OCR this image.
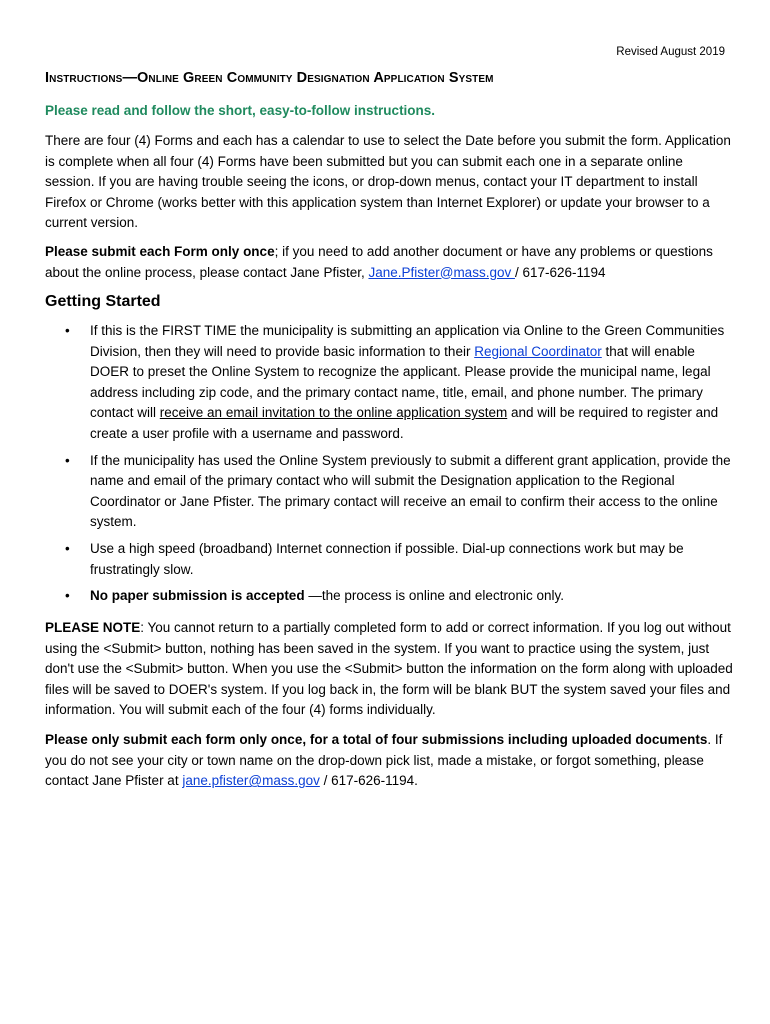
Revised August 2019
Instructions—Online Green Community Designation Application System
Please read and follow the short, easy-to-follow instructions.
There are four (4) Forms and each has a calendar to use to select the Date before you submit the form. Application is complete when all four (4) Forms have been submitted but you can submit each one in a separate online session. If you are having trouble seeing the icons, or drop-down menus, contact your IT department to install Firefox or Chrome (works better with this application system than Internet Explorer) or update your browser to a current version.
Please submit each Form only once; if you need to add another document or have any problems or questions about the online process, please contact Jane Pfister, Jane.Pfister@mass.gov / 617-626-1194
Getting Started
• If this is the FIRST TIME the municipality is submitting an application via Online to the Green Communities Division, then they will need to provide basic information to their Regional Coordinator that will enable DOER to preset the Online System to recognize the applicant. Please provide the municipal name, legal address including zip code, and the primary contact name, title, email, and phone number. The primary contact will receive an email invitation to the online application system and will be required to register and create a user profile with a username and password.
• If the municipality has used the Online System previously to submit a different grant application, provide the name and email of the primary contact who will submit the Designation application to the Regional Coordinator or Jane Pfister. The primary contact will receive an email to confirm their access to the online system.
• Use a high speed (broadband) Internet connection if possible. Dial-up connections work but may be frustratingly slow.
• No paper submission is accepted —the process is online and electronic only.
PLEASE NOTE: You cannot return to a partially completed form to add or correct information. If you log out without using the <Submit> button, nothing has been saved in the system. If you want to practice using the system, just don't use the <Submit> button. When you use the <Submit> button the information on the form along with uploaded files will be saved to DOER's system. If you log back in, the form will be blank BUT the system saved your files and information. You will submit each of the four (4) forms individually.
Please only submit each form only once, for a total of four submissions including uploaded documents. If you do not see your city or town name on the drop-down pick list, made a mistake, or forgot something, please contact Jane Pfister at jane.pfister@mass.gov / 617-626-1194.
